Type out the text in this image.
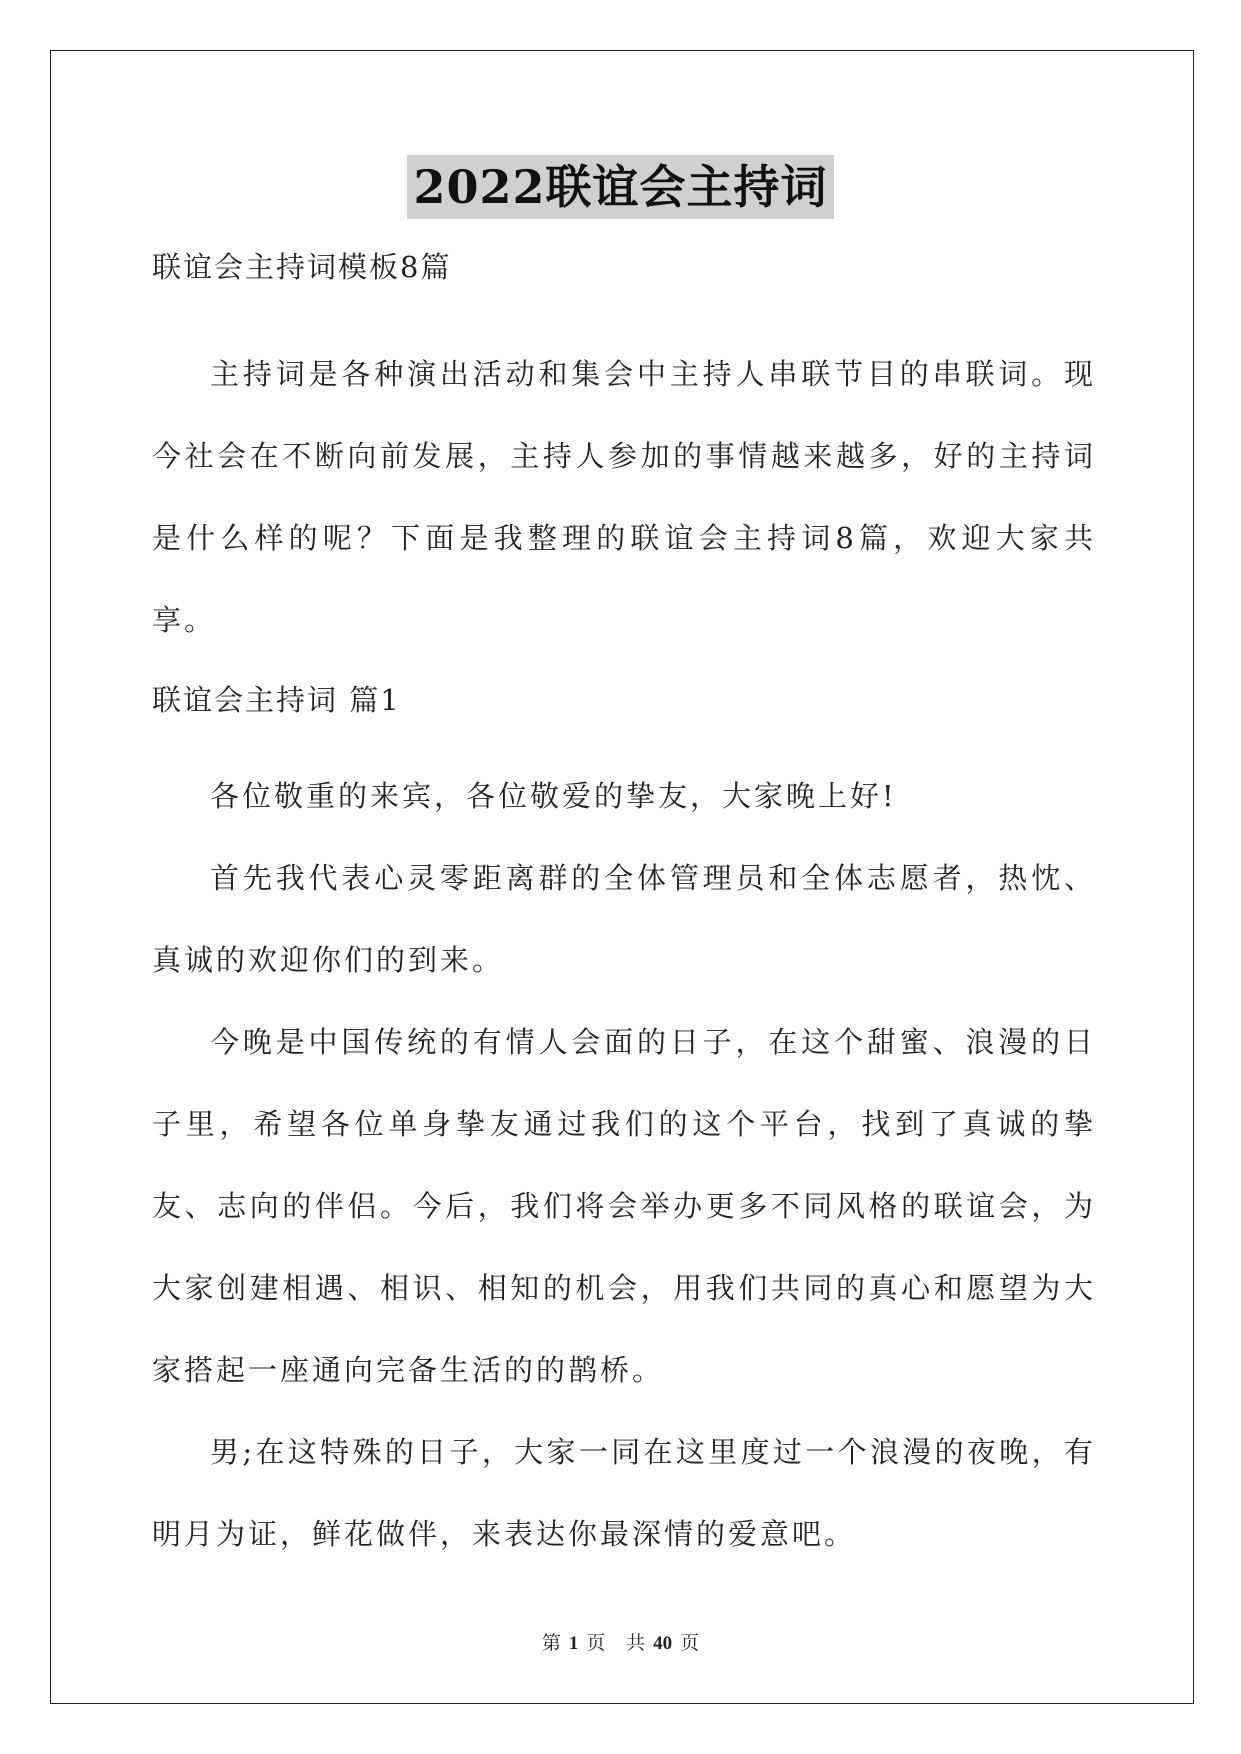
2022联谊会主持词
联谊会主持词模板8篇

主持词是各种演出活动和集会中主持人串联节目的串联词。现今社会在不断向前发展，主持人参加的事情越来越多，好的主持词是什么样的呢？下面是我整理的联谊会主持词8篇，欢迎大家共享。

联谊会主持词 篇1

各位敬重的来宾，各位敬爱的挚友，大家晚上好!

首先我代表心灵零距离群的全体管理员和全体志愿者，热忱、真诚的欢迎你们的到来。

今晚是中国传统的有情人会面的日子，在这个甜蜜、浪漫的日子里，希望各位单身挚友通过我们的这个平台，找到了真诚的挚友、志向的伴侣。今后，我们将会举办更多不同风格的联谊会，为大家创建相遇、相识、相知的机会，用我们共同的真心和愿望为大家搭起一座通向完备生活的的鹊桥。

男;在这特殊的日子，大家一同在这里度过一个浪漫的夜晚，有明月为证，鲜花做伴，来表达你最深情的爱意吧。

第 1 页 共 40 页
